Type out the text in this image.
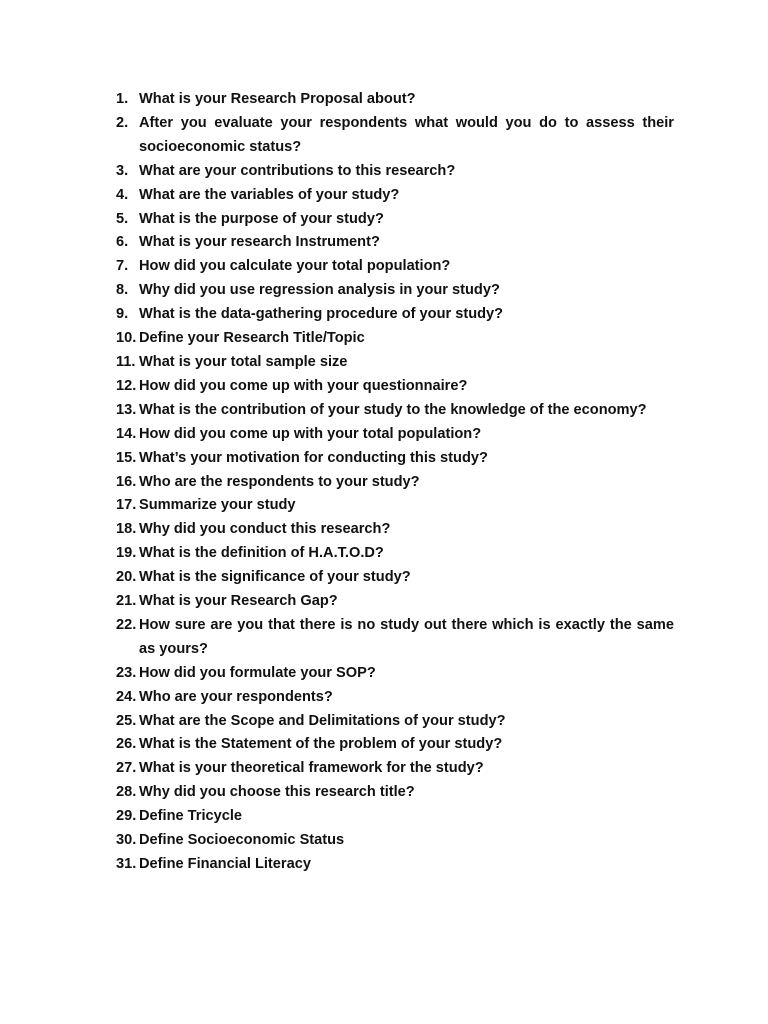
1. What is your Research Proposal about?
2. After you evaluate your respondents what would you do to assess their socioeconomic status?
3. What are your contributions to this research?
4. What are the variables of your study?
5. What is the purpose of your study?
6. What is your research Instrument?
7. How did you calculate your total population?
8. Why did you use regression analysis in your study?
9. What is the data-gathering procedure of your study?
10. Define your Research Title/Topic
11. What is your total sample size
12. How did you come up with your questionnaire?
13. What is the contribution of your study to the knowledge of the economy?
14. How did you come up with your total population?
15. What’s your motivation for conducting this study?
16. Who are the respondents to your study?
17. Summarize your study
18. Why did you conduct this research?
19. What is the definition of H.A.T.O.D?
20. What is the significance of your study?
21. What is your Research Gap?
22. How sure are you that there is no study out there which is exactly the same as yours?
23. How did you formulate your SOP?
24. Who are your respondents?
25. What are the Scope and Delimitations of your study?
26. What is the Statement of the problem of your study?
27. What is your theoretical framework for the study?
28. Why did you choose this research title?
29. Define Tricycle
30. Define Socioeconomic Status
31. Define Financial Literacy
